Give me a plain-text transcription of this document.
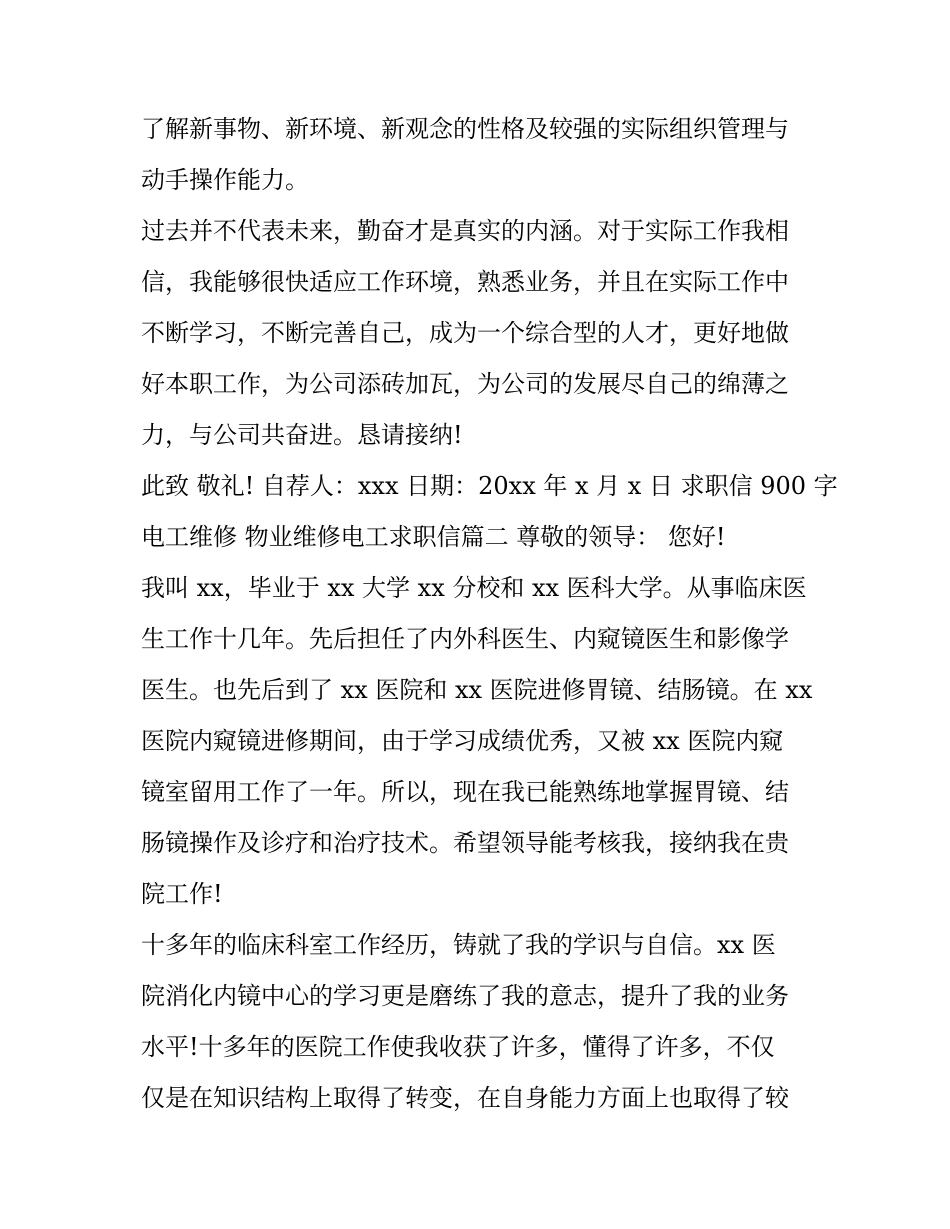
了解新事物、新环境、新观念的性格及较强的实际组织管理与
动手操作能力。
过去并不代表未来，勤奋才是真实的内涵。对于实际工作我相
信，我能够很快适应工作环境，熟悉业务，并且在实际工作中
不断学习，不断完善自己，成为一个综合型的人才，更好地做
好本职工作，为公司添砖加瓦，为公司的发展尽自己的绵薄之
力，与公司共奋进。恳请接纳!
此致 敬礼! 自荐人：xxx 日期：20xx 年 x 月 x 日 求职信 900 字
电工维修 物业维修电工求职信篇二 尊敬的领导： 您好!
我叫 xx，毕业于 xx 大学 xx 分校和 xx 医科大学。从事临床医
生工作十几年。先后担任了内外科医生、内窥镜医生和影像学
医生。也先后到了 xx 医院和 xx 医院进修胃镜、结肠镜。在 xx
医院内窥镜进修期间，由于学习成绩优秀，又被 xx 医院内窥
镜室留用工作了一年。所以，现在我已能熟练地掌握胃镜、结
肠镜操作及诊疗和治疗技术。希望领导能考核我，接纳我在贵
院工作!
十多年的临床科室工作经历，铸就了我的学识与自信。xx 医
院消化内镜中心的学习更是磨练了我的意志，提升了我的业务
水平!十多年的医院工作使我收获了许多，懂得了许多，不仅
仅是在知识结构上取得了转变，在自身能力方面上也取得了较
